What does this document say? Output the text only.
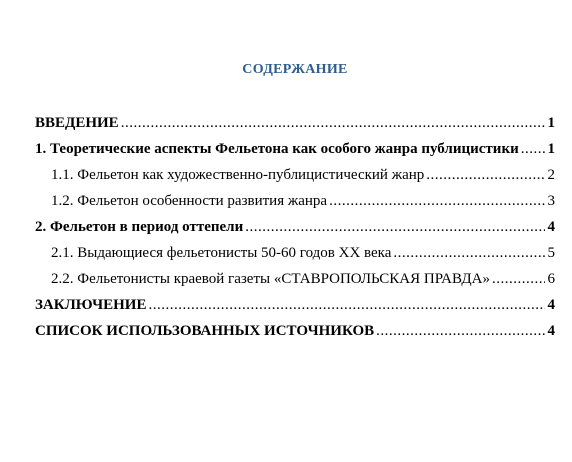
СОДЕРЖАНИЕ
ВВЕДЕНИЕ .....	1
1. Теоретические аспекты Фельетона как особого жанра публицистики ..... 1
1.1. Фельетон как художественно-публицистический жанр .....	2
1.2. Фельетон особенности развития жанра .....	3
2. Фельетон в период оттепели .....	4
2.1. Выдающиеся фельетонисты 50-60 годов XX века .....	5
2.2. Фельетонисты краевой газеты «СТАВРОПОЛЬСКАЯ ПРАВДА» .....	6
ЗАКЛЮЧЕНИЕ .....	4
СПИСОК ИСПОЛЬЗОВАННЫХ ИСТОЧНИКОВ .....	4
